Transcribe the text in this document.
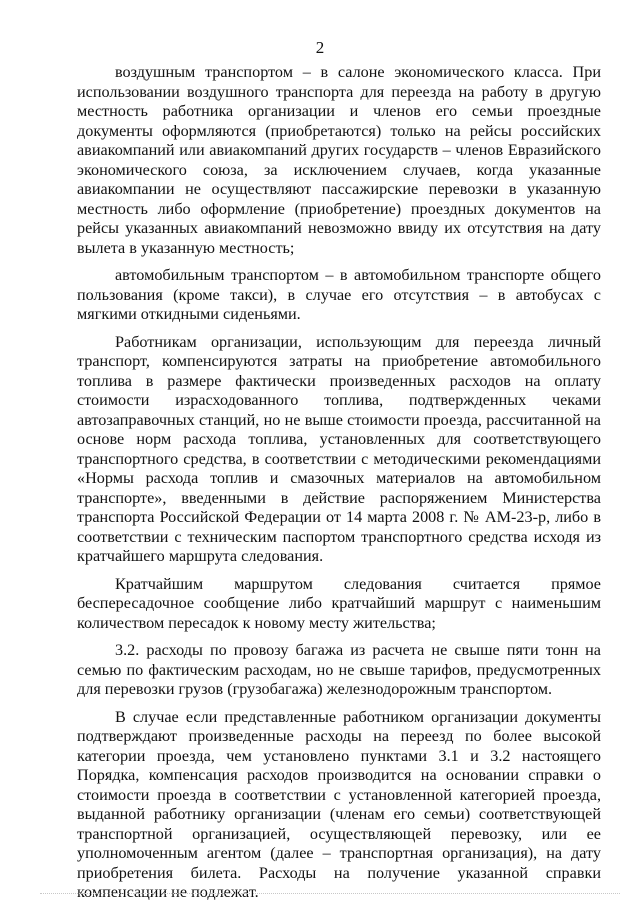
2

воздушным транспортом – в салоне экономического класса. При использовании воздушного транспорта для переезда на работу в другую местность работника организации и членов его семьи проездные документы оформляются (приобретаются) только на рейсы российских авиакомпаний или авиакомпаний других государств – членов Евразийского экономического союза, за исключением случаев, когда указанные авиакомпании не осуществляют пассажирские перевозки в указанную местность либо оформление (приобретение) проездных документов на рейсы указанных авиакомпаний невозможно ввиду их отсутствия на дату вылета в указанную местность;

автомобильным транспортом – в автомобильном транспорте общего пользования (кроме такси), в случае его отсутствия – в автобусах с мягкими откидными сиденьями.

Работникам организации, использующим для переезда личный транспорт, компенсируются затраты на приобретение автомобильного топлива в размере фактически произведенных расходов на оплату стоимости израсходованного топлива, подтвержденных чеками автозаправочных станций, но не выше стоимости проезда, рассчитанной на основе норм расхода топлива, установленных для соответствующего транспортного средства, в соответствии с методическими рекомендациями «Нормы расхода топлив и смазочных материалов на автомобильном транспорте», введенными в действие распоряжением Министерства транспорта Российской Федерации от 14 марта 2008 г. № АМ-23-р, либо в соответствии с техническим паспортом транспортного средства исходя из кратчайшего маршрута следования.

Кратчайшим маршрутом следования считается прямое беспересадочное сообщение либо кратчайший маршрут с наименьшим количеством пересадок к новому месту жительства;

3.2. расходы по провозу багажа из расчета не свыше пяти тонн на семью по фактическим расходам, но не свыше тарифов, предусмотренных для перевозки грузов (грузобагажа) железнодорожным транспортом.

В случае если представленные работником организации документы подтверждают произведенные расходы на переезд по более высокой категории проезда, чем установлено пунктами 3.1 и 3.2 настоящего Порядка, компенсация расходов производится на основании справки о стоимости проезда в соответствии с установленной категорией проезда, выданной работнику организации (членам его семьи) соответствующей транспортной организацией, осуществляющей перевозку, или ее уполномоченным агентом (далее – транспортная организация), на дату приобретения билета. Расходы на получение указанной справки компенсации не подлежат.
